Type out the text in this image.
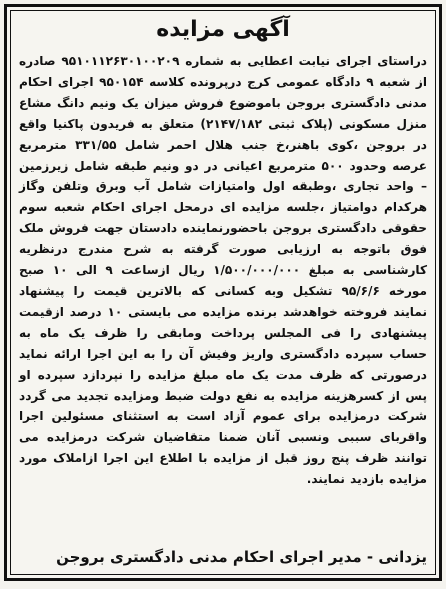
آگهی مزایده

دراستای اجرای نیابت اعطایی به شماره ۹۵۱۰۱۱۲۶۳۰۱۰۰۲۰۹ صادره از شعبه ۹ دادگاه عمومی کرج درپرونده کلاسه ۹۵۰۱۵۴ اجرای احکام مدنی دادگستری بروجن باموضوع فروش میزان یک ونیم دانگ مشاع منزل مسکونی (پلاک ثبتی ۲۱۴۷/۱۸۲) متعلق به فریدون پاکنیا واقع در بروجن ،کوی باهنر،خ جنب هلال احمر شامل ۳۳۱/۵۵ مترمربع عرصه وحدود ۵۰۰ مترمربع اعیانی در دو ونیم طبقه شامل زیرزمین – واحد تجاری ،وطبقه اول وامتیازات شامل آب وبرق وتلفن وگاز هرکدام دوامتیاز ،جلسه مزایده ای درمحل اجرای احکام شعبه سوم حقوقی دادگستری بروجن باحضورنماینده دادستان جهت فروش ملک فوق باتوجه به ارزیابی صورت گرفته به شرح مندرج درنظریه کارشناسی به مبلغ ۱/۵۰۰/۰۰۰/۰۰۰ ریال ازساعت ۹ الی ۱۰ صبح مورخه ۹۵/۶/۶ تشکیل وبه کسانی که بالاترین قیمت را پیشنهاد نمایند فروخته خواهدشد برنده مزایده می بایستی ۱۰ درصد ازقیمت پیشنهادی را فی المجلس پرداخت ومابقی را ظرف یک ماه به حساب سپرده دادگستری واریز وفیش آن را به این اجرا ارائه نماید درصورتی که ظرف مدت یک ماه مبلغ مزایده را نپردازد سپرده او پس از کسرهزینه مزایده به نفع دولت ضبط ومزایده تجدید می گردد شرکت درمزایده برای عموم آزاد است به استثنای مسئولین اجرا واقربای سببی ونسبی آنان ضمنا متقاضیان شرکت درمزایده می توانند ظرف پنج روز قبل از مزایده با اطلاع این اجرا ازاملاک مورد مزایده بازدید نمایند.

یزدانی - مدیر اجرای احکام مدنی دادگستری بروجن
